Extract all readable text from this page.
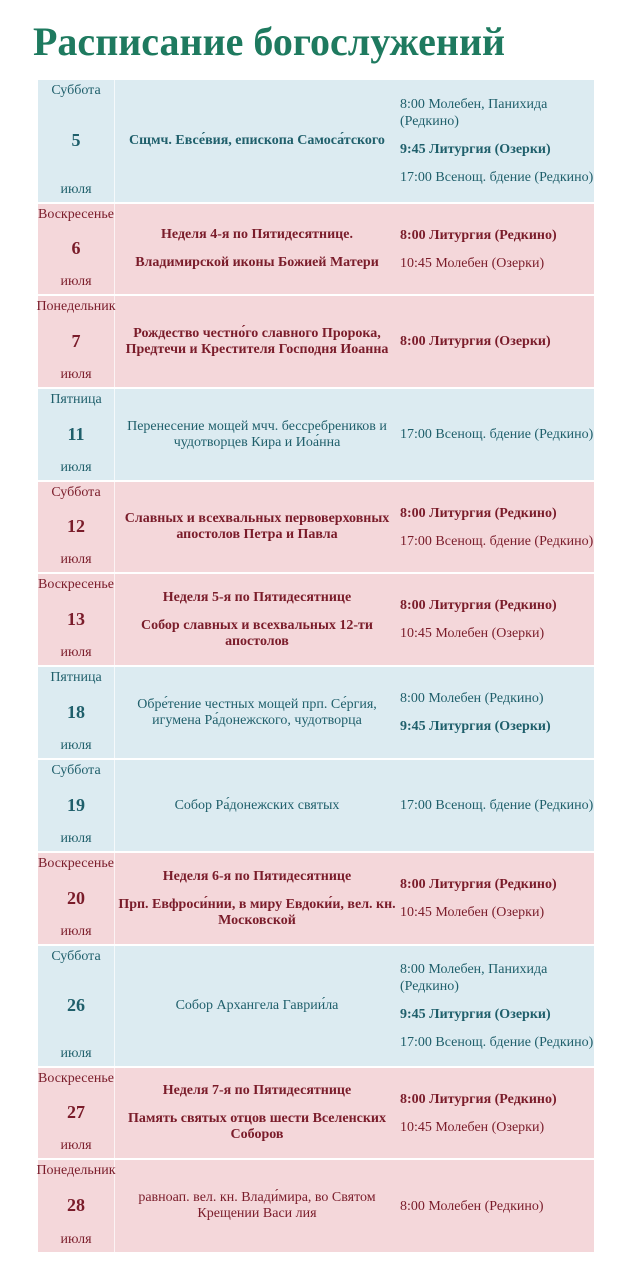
Расписание богослужений
Суббота
5
июля
Сщмч. Евсе́вия, епископа Самоса́тского
8:00 Молебен, Панихида (Редкино)
9:45 Литургия (Озерки)
17:00 Всенощ. бдение (Редкино)
Воскресенье
6
июля
Неделя 4-я по Пятидесятнице.
Владимирской иконы Божией Матери
8:00 Литургия (Редкино)
10:45 Молебен (Озерки)
Понедельник
7
июля
Рождество честно́го славного Пророка, Предтечи и Крестителя Господня Иоанна 8:00 Литургия (Озерки)
Пятница
11
июля
Перенесение мощей мчч. бессребреников и чудотворцев Кира и Иоа́нна	17:00 Всенощ. бдение (Редкино)
Суббота
12
июля
Славных и всехвальных первоверховных апостолов Петра и Павла
8:00 Литургия (Редкино)
17:00 Всенощ. бдение (Редкино)
Воскресенье
13
июля
Неделя 5-я по Пятидесятнице
Собор славных и всехвальных 12-ти апостолов
8:00 Литургия (Редкино)
10:45 Молебен (Озерки)
Пятница
18
июля
Обре́тение честных мощей прп. Се́ргия, игумена Ра́донежского, чудотворца
8:00 Молебен (Редкино)
9:45 Литургия (Озерки)
Суббота
19
июля
Собор Ра́донежских святых	17:00 Всенощ. бдение (Редкино)
Воскресенье
20
июля
Неделя 6-я по Пятидесятнице
Прп. Евфроси́нии, в миру Евдоки́и, вел. кн. Московской
8:00 Литургия (Редкино)
10:45 Молебен (Озерки)
Суббота
26
июля
Собор Архангела Гаврии́ла
8:00 Молебен, Панихида (Редкино)
9:45 Литургия (Озерки)
17:00 Всенощ. бдение (Редкино)
Воскресенье
27
июля
Неделя 7-я по Пятидесятнице
Память святых отцов шести Вселенских Соборов
8:00 Литургия (Редкино)
10:45 Молебен (Озерки)
Понедельник
28
июля
равноап. вел. кн. Влади́мира, во Святом Крещении Васи лия	8:00 Молебен (Редкино)
